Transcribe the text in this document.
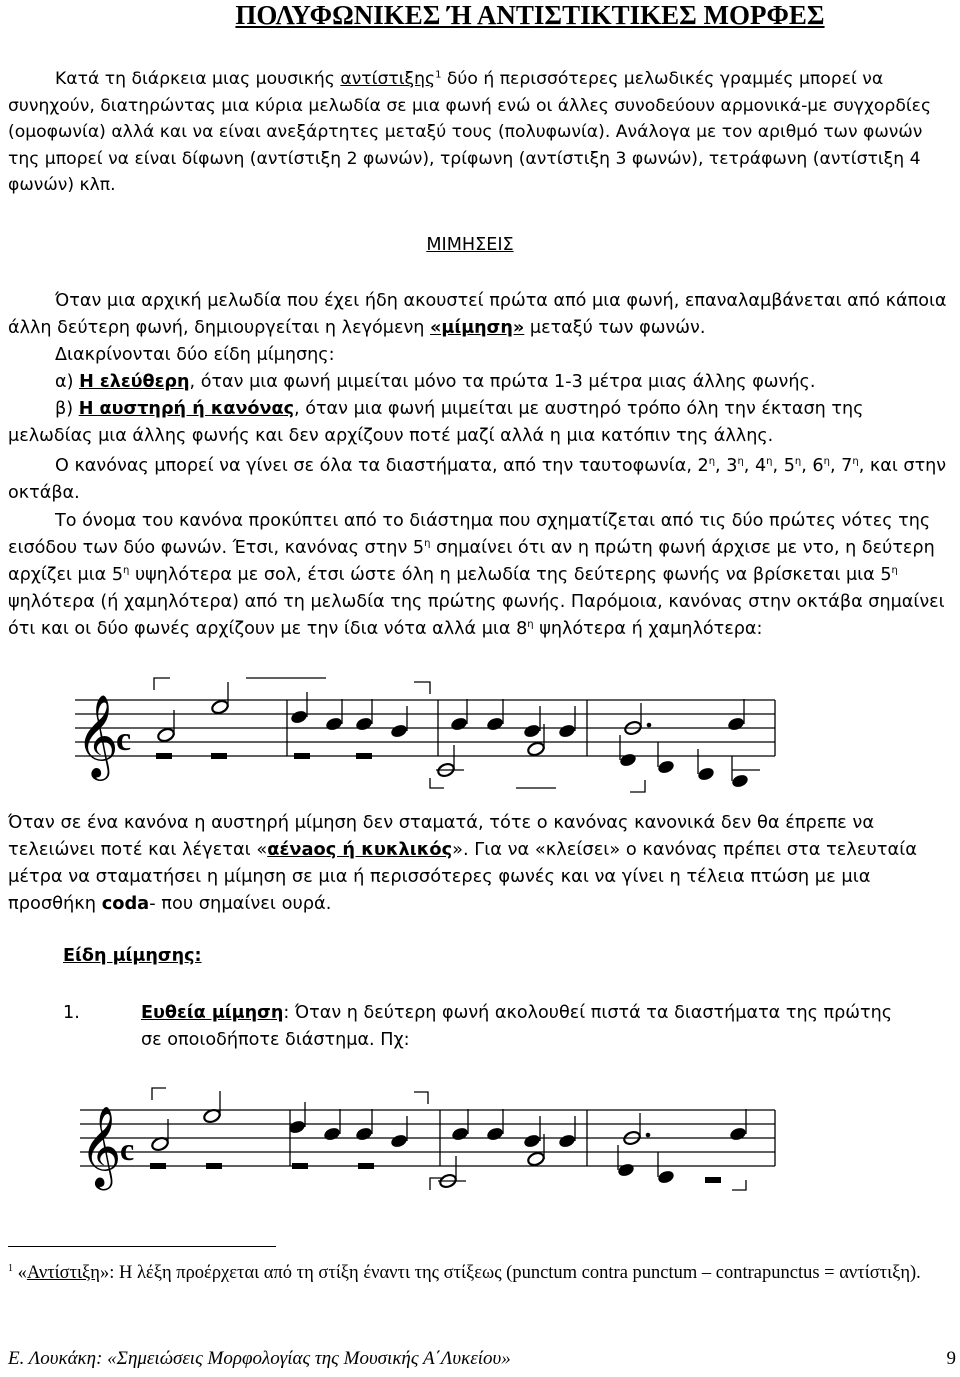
ΠΟΛΥΦΩΝΙΚΕΣ Ή ΑΝΤΙΣΤΙΚΤΙΚΕΣ ΜΟΡΦΕΣ

Κατά τη διάρκεια μιας μουσικής αντίστιξης$^1$ δύο ή περισσότερες μελωδικές γραμμές μπορεί να συνηχούν, διατηρώντας μια κύρια μελωδία σε μια φωνή ενώ οι άλλες συνοδεύουν αρμονικά-με συγχορδίες (ομοφωνία) αλλά και να είναι ανεξάρτητες μεταξύ τους (πολυφωνία). Ανάλογα με τον αριθμό των φωνών της μπορεί να είναι δίφωνη (αντίστιξη 2 φωνών), τρίφωνη (αντίστιξη 3 φωνών), τετράφωνη (αντίστιξη 4 φωνών) κλπ.

ΜΙΜΗΣΕΙΣ

Όταν μια αρχική μελωδία που έχει ήδη ακουστεί πρώτα από μια φωνή, επαναλαμβάνεται από κάποια άλλη δεύτερη φωνή, δημιουργείται η λεγόμενη «μίμηση» μεταξύ των φωνών.

Διακρίνονται δύο είδη μίμησης:

α) Η ελεύθερη, όταν μια φωνή μιμείται μόνο τα πρώτα 1-3 μέτρα μιας άλλης φωνής.

β) Η αυστηρή ή κανόνας, όταν μια φωνή μιμείται με αυστηρό τρόπο όλη την έκταση της μελωδίας μια άλλης φωνής και δεν αρχίζουν ποτέ μαζί αλλά η μια κατόπιν της άλλης.

Ο κανόνας μπορεί να γίνει σε όλα τα διαστήματα, από την ταυτοφωνία, $2^\eta$, $3^\eta$, $4^\eta$, $5^\eta$, $6^\eta$, $7^\eta$, και στην οκτάβα.

Το όνομα του κανόνα προκύπτει από το διάστημα που σχηματίζεται από τις δύο πρώτες νότες της εισόδου των δύο φωνών. Έτσι, κανόνας στην $5^\eta$ σημαίνει ότι αν η πρώτη φωνή άρχισε με ντο, η δεύτερη αρχίζει μια $5^\eta$ υψηλότερα με σολ, έτσι ώστε όλη η μελωδία της δεύτερης φωνής να βρίσκεται μια $5^\eta$ ψηλότερα (ή χαμηλότερα) από τη μελωδία της πρώτης φωνής. Παρόμοια, κανόνας στην οκτάβα σημαίνει ότι και οι δύο φωνές αρχίζουν με την ίδια νότα αλλά μια $8^\eta$ ψηλότερα ή χαμηλότερα:

𝄞
c

Όταν σε ένα κανόνα η αυστηρή μίμηση δεν σταματά, τότε ο κανόνας κανονικά δεν θα έπρεπε να τελειώνει ποτέ και λέγεται «αένaος ή κυκλικός». Για να «κλείσει» ο κανόνας πρέπει στα τελευταία μέτρα να σταματήσει η μίμηση σε μια ή περισσότερες φωνές και να γίνει η τέλεια πτώση με μια προσθήκη coda- που σημαίνει ουρά.

Είδη μίμησης:

1.	Ευθεία μίμηση: Όταν η δεύτερη φωνή ακολουθεί πιστά τα διαστήματα της πρώτης σε οποιοδήποτε διάστημα. Πχ:
𝄞
c

$^1$ «Αντίστιξη»: Η λέξη προέρχεται από τη στίξη έναντι της στίξεως (punctum contra punctum – contrapunctus = αντίστιξη).

Ε. Λουκάκη: «Σημειώσεις Μορφολογίας της Μουσικής Α΄Λυκείου»	9
